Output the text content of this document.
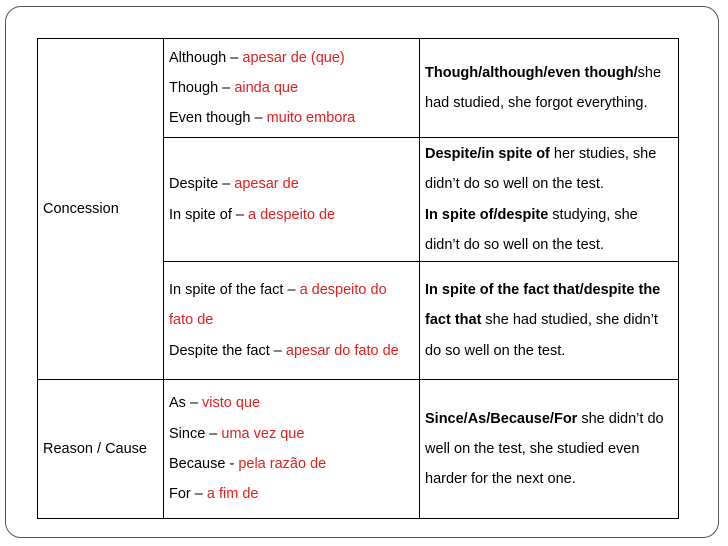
Concession	Although – apesar de (que)
Though – ainda que
Even though – muito embora	Though/although/even though/she had studied, she forgot everything.

	Despite – apesar de
In spite of – a despeito de	Despite/in spite of her studies, she didn’t do so well on the test.
In spite of/despite studying, she didn’t do so well on the test.
	In spite of the fact – a despeito do fato de
Despite the fact – apesar do fato de	In spite of the fact that/despite the fact that she had studied, she didn’t do so well on the test.
Reason / Cause	As – visto que
Since – uma vez que
Because - pela razão de
For – a fim de	Since/As/Because/For she didn’t do well on the test, she studied even harder for the next one.
